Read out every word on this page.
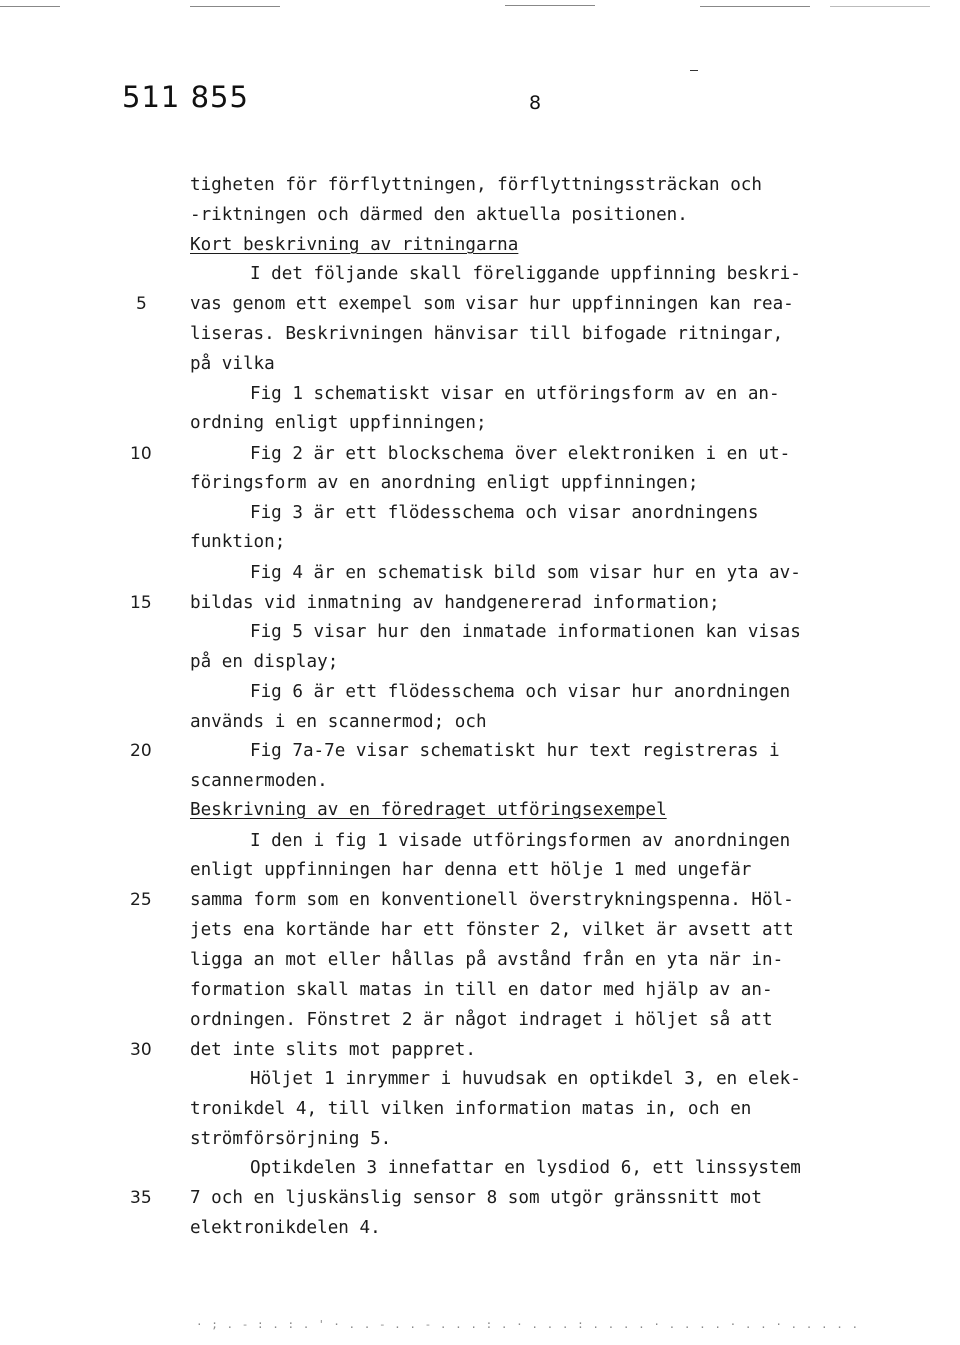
511 855	8
tigheten för förflyttningen, förflyttningssträckan och
-riktningen och därmed den aktuella positionen.
Kort beskrivning av ritningarna
I det följande skall föreliggande uppfinning beskri-
vas genom ett exempel som visar hur uppfinningen kan rea-
liseras. Beskrivningen hänvisar till bifogade ritningar,
på vilka
Fig 1 schematiskt visar en utföringsform av en an-
ordning enligt uppfinningen;
Fig 2 är ett blockschema över elektroniken i en ut-
föringsform av en anordning enligt uppfinningen;
Fig 3 är ett flödesschema och visar anordningens
funktion;
Fig 4 är en schematisk bild som visar hur en yta av-
bildas vid inmatning av handgenererad information;
Fig 5 visar hur den inmatade informationen kan visas
på en display;
Fig 6 är ett flödesschema och visar hur anordningen
används i en scannermod; och
Fig 7a-7e visar schematiskt hur text registreras i
scannermoden.
Beskrivning av en föredraget utföringsexempel
I den i fig 1 visade utföringsformen av anordningen
enligt uppfinningen har denna ett hölje 1 med ungefär
samma form som en konventionell överstrykningspenna. Höl-
jets ena kortände har ett fönster 2, vilket är avsett att
ligga an mot eller hållas på avstånd från en yta när in-
formation skall matas in till en dator med hjälp av an-
ordningen. Fönstret 2 är något indraget i höljet så att
det inte slits mot pappret.
Höljet 1 inrymmer i huvudsak en optikdel 3, en elek-
tronikdel 4, till vilken information matas in, och en
strömförsörjning 5.
Optikdelen 3 innefattar en lysdiod 6, ett linssystem
7 och en ljuskänslig sensor 8 som utgör gränssnitt mot
elektronikdelen 4.
5
10
15
20
25
30
35
· ; . - : . : . ' · . . - . . - . . . : . · . . . : . . . . · . . . . · . . · . . . . .
